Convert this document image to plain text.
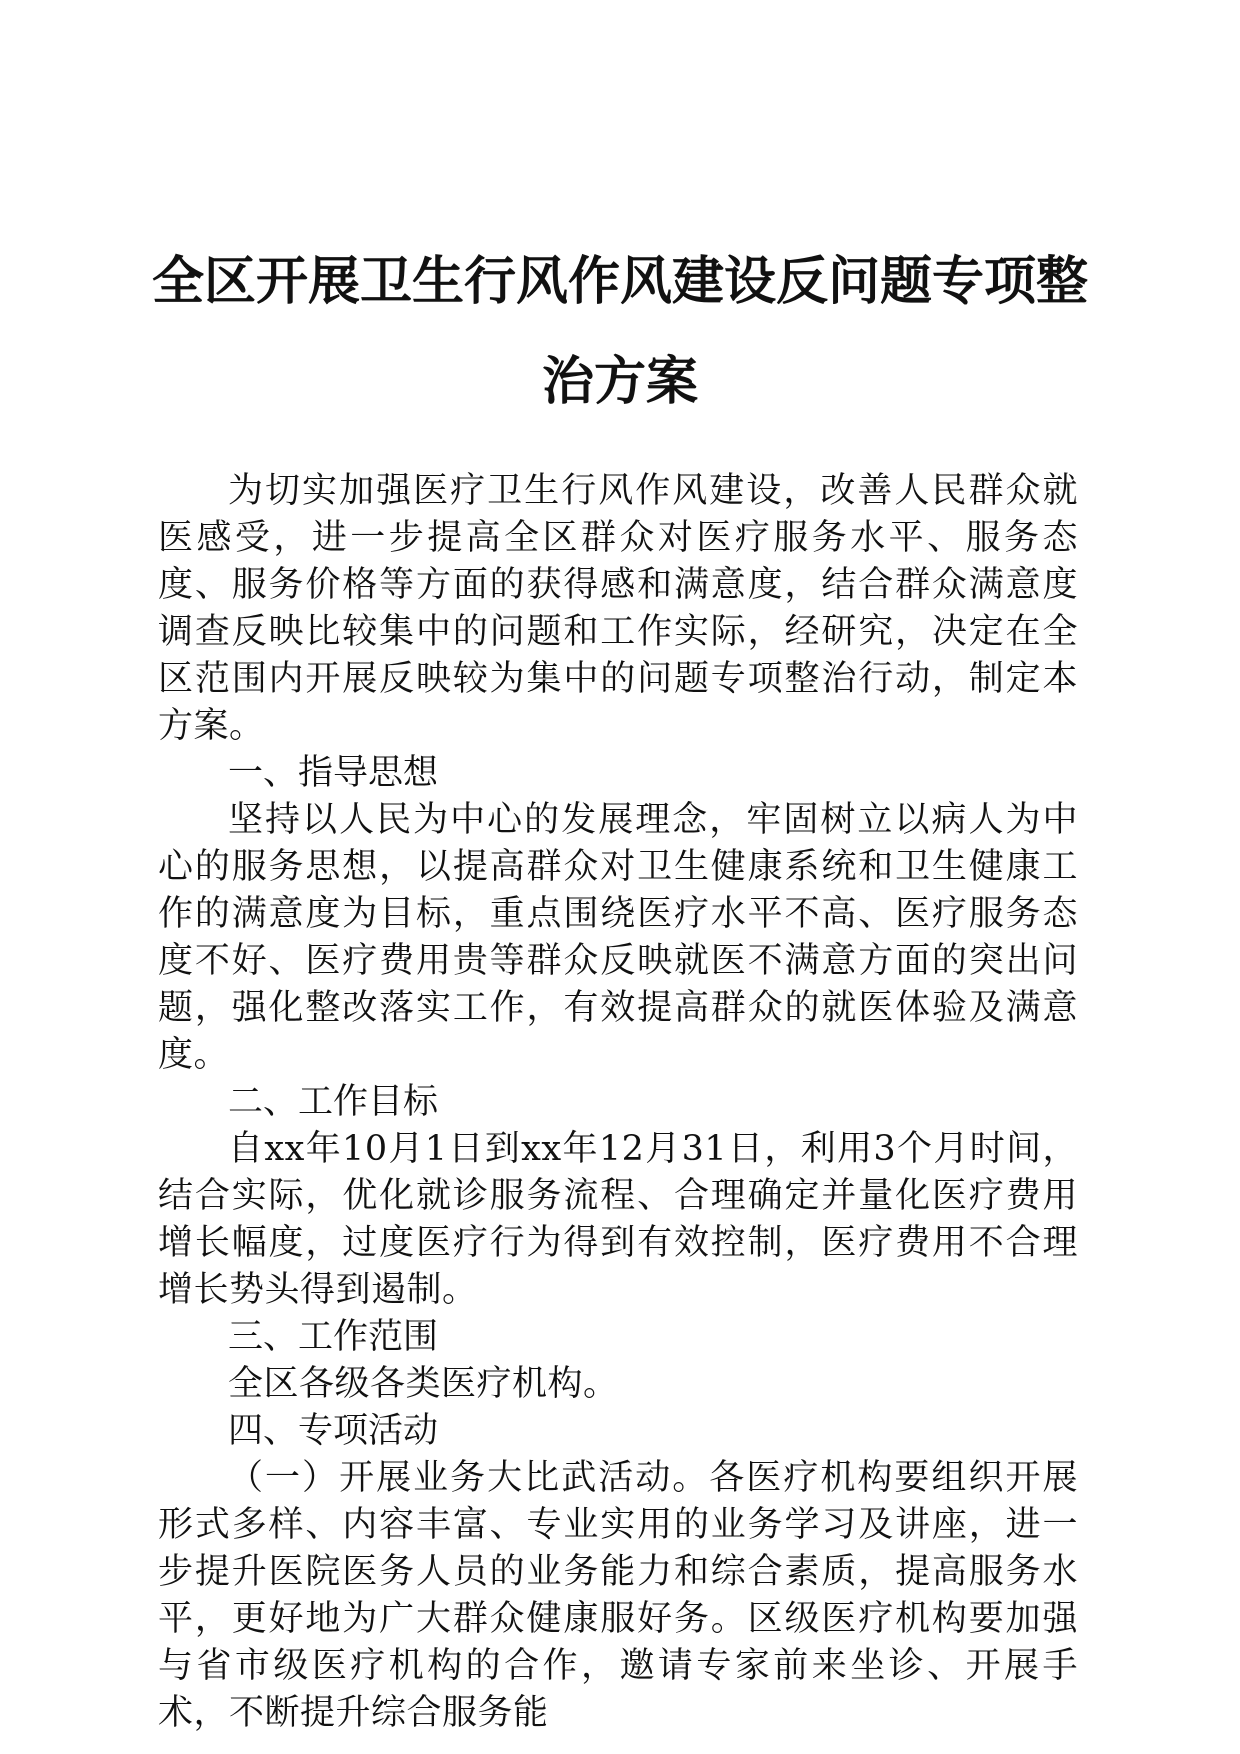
全区开展卫生行风作风建设反问题专项整治方案

为切实加强医疗卫生行风作风建设，改善人民群众就医感受，进一步提高全区群众对医疗服务水平、服务态度、服务价格等方面的获得感和满意度，结合群众满意度调查反映比较集中的问题和工作实际，经研究，决定在全区范围内开展反映较为集中的问题专项整治行动，制定本方案。

一、指导思想

坚持以人民为中心的发展理念，牢固树立以病人为中心的服务思想，以提高群众对卫生健康系统和卫生健康工作的满意度为目标，重点围绕医疗水平不高、医疗服务态度不好、医疗费用贵等群众反映就医不满意方面的突出问题，强化整改落实工作，有效提高群众的就医体验及满意度。

二、工作目标

自xx年10月1日到xx年12月31日，利用3个月时间，结合实际，优化就诊服务流程、合理确定并量化医疗费用增长幅度，过度医疗行为得到有效控制，医疗费用不合理增长势头得到遏制。

三、工作范围

全区各级各类医疗机构。

四、专项活动

（一）开展业务大比武活动。各医疗机构要组织开展形式多样、内容丰富、专业实用的业务学习及讲座，进一步提升医院医务人员的业务能力和综合素质，提高服务水平，更好地为广大群众健康服好务。区级医疗机构要加强与省市级医疗机构的合作，邀请专家前来坐诊、开展手术，不断提升综合服务能
